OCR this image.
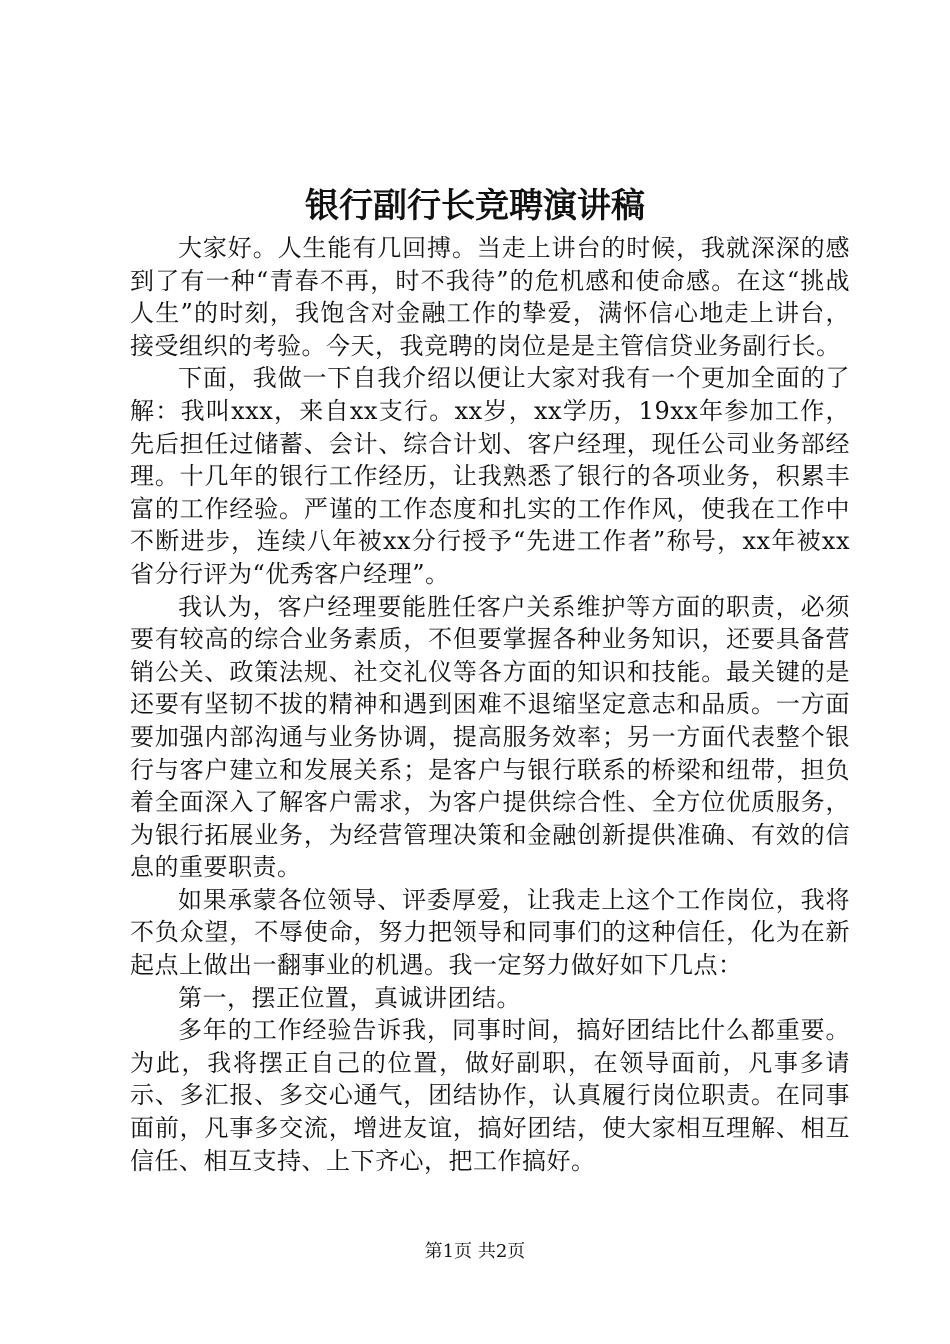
银行副行长竞聘演讲稿

大家好。人生能有几回搏。当走上讲台的时候，我就深深的感到了有一种“青春不再，时不我待”的危机感和使命感。在这“挑战人生”的时刻，我饱含对金融工作的挚爱，满怀信心地走上讲台，接受组织的考验。今天，我竞聘的岗位是是主管信贷业务副行长。

下面，我做一下自我介绍以便让大家对我有一个更加全面的了解：我叫xxx，来自xx支行。xx岁，xx学历，19xx年参加工作，先后担任过储蓄、会计、综合计划、客户经理，现任公司业务部经理。十几年的银行工作经历，让我熟悉了银行的各项业务，积累丰富的工作经验。严谨的工作态度和扎实的工作作风，使我在工作中不断进步，连续八年被xx分行授予“先进工作者”称号，xx年被xx省分行评为“优秀客户经理”。

我认为，客户经理要能胜任客户关系维护等方面的职责，必须要有较高的综合业务素质，不但要掌握各种业务知识，还要具备营销公关、政策法规、社交礼仪等各方面的知识和技能。最关键的是还要有坚韧不拔的精神和遇到困难不退缩坚定意志和品质。一方面要加强内部沟通与业务协调，提高服务效率；另一方面代表整个银行与客户建立和发展关系；是客户与银行联系的桥梁和纽带，担负着全面深入了解客户需求，为客户提供综合性、全方位优质服务，为银行拓展业务，为经营管理决策和金融创新提供准确、有效的信息的重要职责。

如果承蒙各位领导、评委厚爱，让我走上这个工作岗位，我将不负众望，不辱使命，努力把领导和同事们的这种信任，化为在新起点上做出一翻事业的机遇。我一定努力做好如下几点：

第一，摆正位置，真诚讲团结。

多年的工作经验告诉我，同事时间，搞好团结比什么都重要。为此，我将摆正自己的位置，做好副职，在领导面前，凡事多请示、多汇报、多交心通气，团结协作，认真履行岗位职责。在同事面前，凡事多交流，增进友谊，搞好团结，使大家相互理解、相互信任、相互支持、上下齐心，把工作搞好。

第1页 共2页
